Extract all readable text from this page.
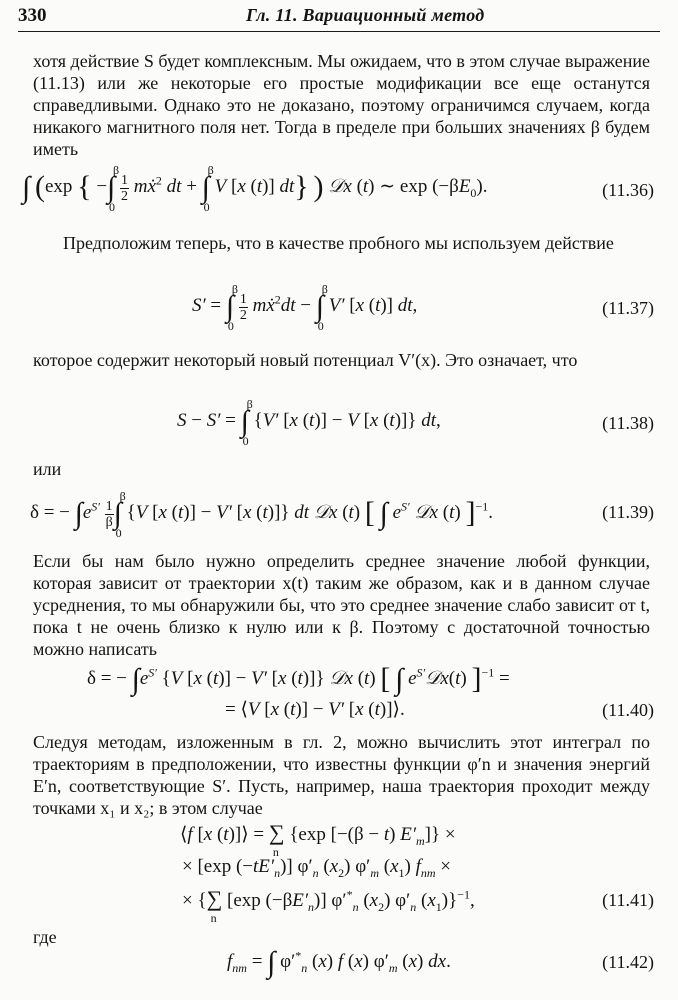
330	Гл. 11. Вариационный метод
хотя действие S будет комплексным. Мы ожидаем, что в этом случае выражение (11.13) или же некоторые его простые модификации все еще останутся справедливыми. Однако это не доказано, поэтому ограничимся случаем, когда никакого магнитного поля нет. Тогда в пределе при больших значениях β будем иметь
∫ (exp { −∫
β
0

$\frac{1}{2}$ mẋ$^2$ dt + ∫
β
0
V [x (t)] dt} ) 𝒟x (t) ∼ $\exp (-\beta E_0)$.	(11.36)
Предположим теперь, что в качестве пробного мы используем действие
S′ = ∫
β
0

$\frac{1}{2}$ mẋ$^2$dt − ∫
β
0
V′ [x (t)] dt,	(11.37)
которое содержит некоторый новый потенциал V′(x). Это означает, что
S − S′ = ∫
β
0
{V′ [x (t)] − V [x (t)]} dt,	(11.38)
или
δ = − $\int e^{S'} \frac{1}{\beta}$ ∫
β
0
{V [x (t)] − V′ [x (t)]} dt 𝒟x (t) [ ∫ $e^{S'}$ 𝒟x (t) ]$^{-1}$.	(11.39)
Если бы нам было нужно определить среднее значение любой функции, которая зависит от траектории x(t) таким же образом, как и в данном случае усреднения, то мы обнаружили бы, что это среднее значение слабо зависит от t, пока t не очень близко к нулю или к β. Поэтому с достаточной точностью можно написать
δ = − $\int e^{S'}$ {V [x (t)] − V′ [x (t)]} 𝒟x (t) [ ∫ $e^{S'}𝒟x(t) ]^{-1}$ =
= ⟨V [x (t)] − V′ [x (t)]⟩.	(11.40)
Следуя методам, изложенным в гл. 2, можно вычислить этот интеграл по траекториям в предположении, что известны функции φ′n и значения энергий E′n, соответствующие S′. Пусть, например, наша траектория проходит между точками x₁ и x₂; в этом случае
⟨f [x (t)]⟩ = ∑
n
{exp [−(β − t) $E'_m$]} ×
× [exp $(-tE'_n)$] $\varphi'_n$ $(x_2)$ $\varphi'_m$ $(x_1) f_{nm}$ ×
× {∑
n
[exp $(-\beta E'_n)$] $\varphi'^*_n$ $(x_2)$ $\varphi'_n$ $(x_1)\}^{-1}$,	(11.41)
где
$f_{nm}$ = ∫ $\varphi'^*_n$ (x) f (x) $\varphi'_m$ (x) dx.	(11.42)
